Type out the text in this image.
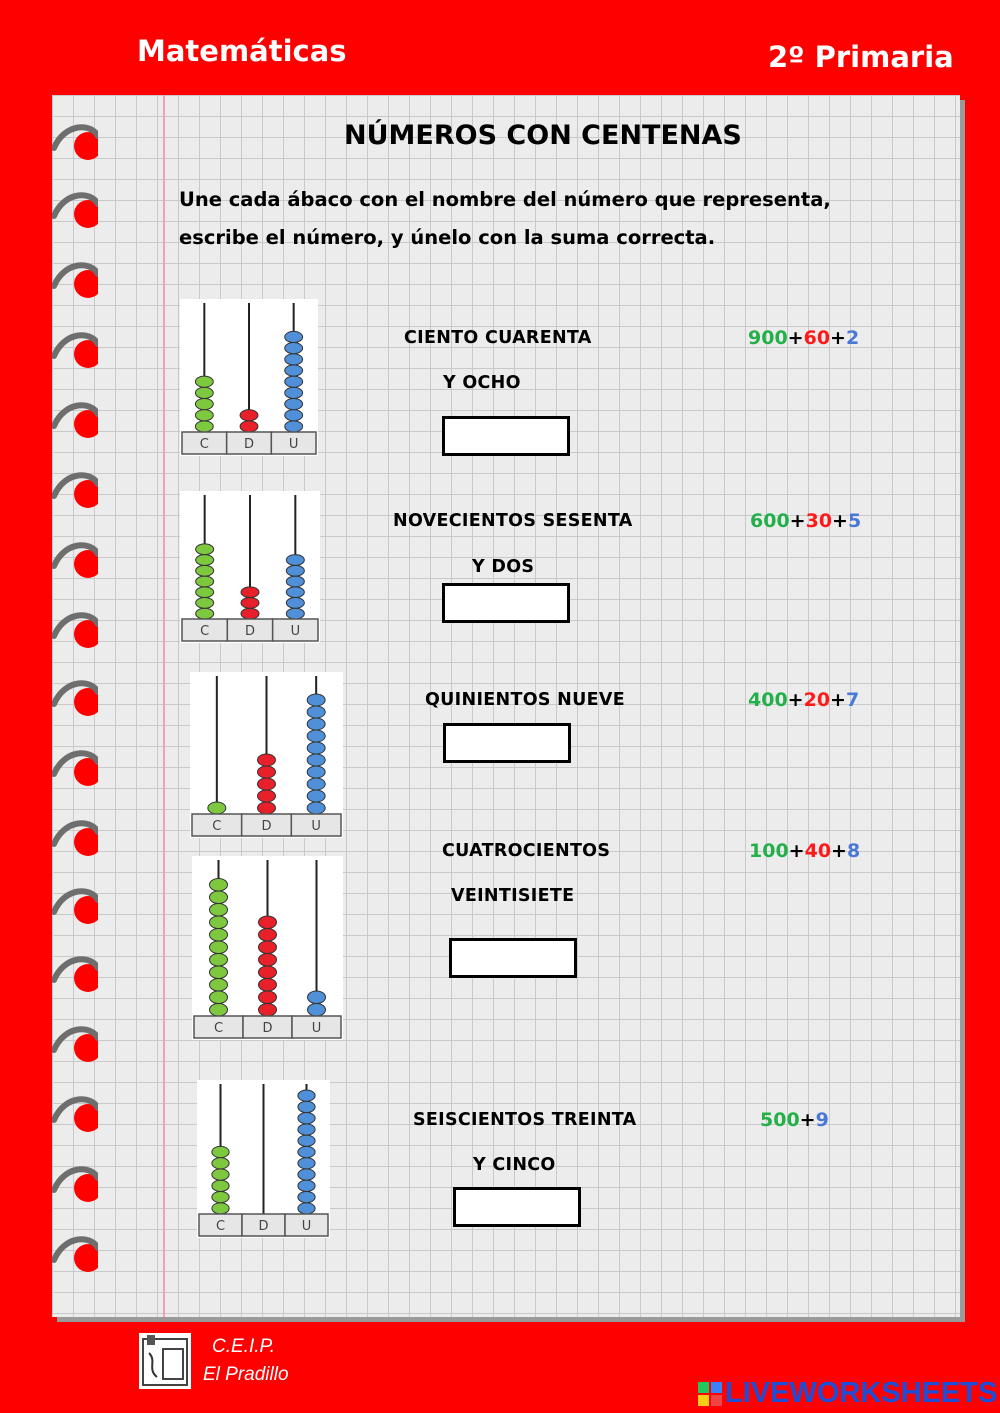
Matemáticas	2º Primaria
NÚMEROS CON CENTENAS
Une cada ábaco con el nombre del número que representa,
escribe el número, y únelo con la suma correcta.
C	D	U
C	D	U
C	D	U
C	D	U
C	D	U
CIENTO CUARENTA
Y OCHO
NOVECIENTOS SESENTA
Y DOS
QUINIENTOS NUEVE
CUATROCIENTOS
VEINTISIETE
SEISCIENTOS TREINTA
Y CINCO
900+60+2
600+30+5
400+20+7
100+40+8
500+9
C.E.I.P.
El Pradillo
LIVEWORKSHEETS
